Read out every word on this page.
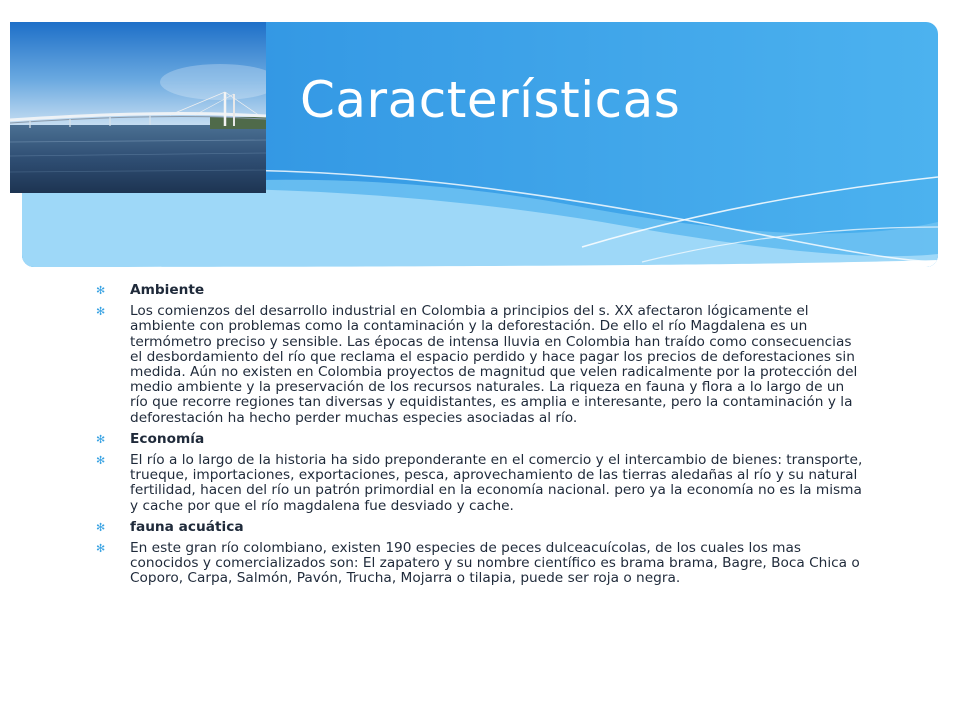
Características
✻	Ambiente
✻	Los comienzos del desarrollo industrial en Colombia a principios del s. XX afectaron lógicamente el ambiente con problemas como la contaminación y la deforestación. De ello el río Magdalena es un termómetro preciso y sensible. Las épocas de intensa lluvia en Colombia han traído como consecuencias el desbordamiento del río que reclama el espacio perdido y hace pagar los precios de deforestaciones sin medida. Aún no existen en Colombia proyectos de magnitud que velen radicalmente por la protección del medio ambiente y la preservación de los recursos naturales. La riqueza en fauna y flora a lo largo de un río que recorre regiones tan diversas y equidistantes, es amplia e interesante, pero la contaminación y la deforestación ha hecho perder muchas especies asociadas al río.
✻	Economía
✻	El río a lo largo de la historia ha sido preponderante en el comercio y el intercambio de bienes: transporte, trueque, importaciones, exportaciones, pesca, aprovechamiento de las tierras aledañas al río y su natural fertilidad, hacen del río un patrón primordial en la economía nacional. pero ya la economía no es la misma y cache por que el río magdalena fue desviado y cache.
✻	fauna acuática
✻	En este gran río colombiano, existen 190 especies de peces dulceacuícolas, de los cuales los mas conocidos y comercializados son: El zapatero y su nombre científico es brama brama, Bagre, Boca Chica o Coporo, Carpa, Salmón, Pavón, Trucha, Mojarra o tilapia, puede ser roja o negra.
